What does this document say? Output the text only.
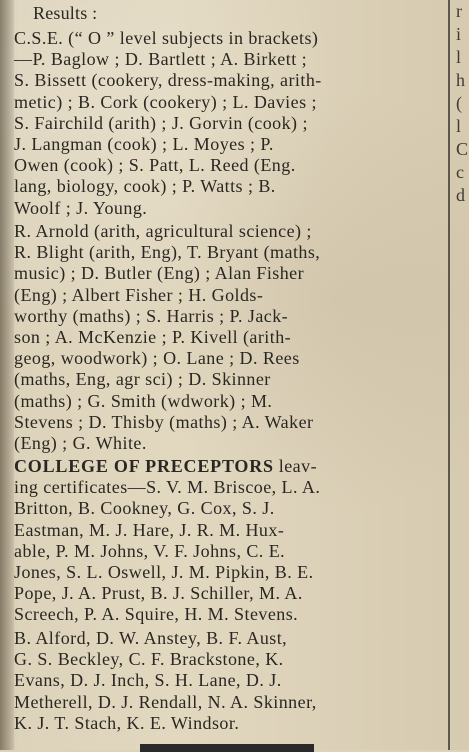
Results :

C.S.E. (“ O ” level subjects in brackets)
—P. Baglow ; D. Bartlett ; A. Birkett ;
S. Bissett (cookery, dress-making, arith-
metic) ; B. Cork (cookery) ; L. Davies ;
S. Fairchild (arith) ; J. Gorvin (cook) ;
J. Langman (cook) ; L. Moyes ; P.
Owen (cook) ; S. Patt, L. Reed (Eng.
lang, biology, cook) ; P. Watts ; B.
Woolf ; J. Young.

R. Arnold (arith, agricultural science) ;
R. Blight (arith, Eng), T. Bryant (maths,
music) ; D. Butler (Eng) ; Alan Fisher
(Eng) ; Albert Fisher ; H. Golds-
worthy (maths) ; S. Harris ; P. Jack-
son ; A. McKenzie ; P. Kivell (arith-
geog, woodwork) ; O. Lane ; D. Rees
(maths, Eng, agr sci) ; D. Skinner
(maths) ; G. Smith (wdwork) ; M.
Stevens ; D. Thisby (maths) ; A. Waker
(Eng) ; G. White.

COLLEGE OF PRECEPTORS leav-
ing certificates—S. V. M. Briscoe, L. A.
Britton, B. Cookney, G. Cox, S. J.
Eastman, M. J. Hare, J. R. M. Hux-
able, P. M. Johns, V. F. Johns, C. E.
Jones, S. L. Oswell, J. M. Pipkin, B. E.
Pope, J. A. Prust, B. J. Schiller, M. A.
Screech, P. A. Squire, H. M. Stevens.

B. Alford, D. W. Anstey, B. F. Aust,
G. S. Beckley, C. F. Brackstone, K.
Evans, D. J. Inch, S. H. Lane, D. J.
Metherell, D. J. Rendall, N. A. Skinner,
K. J. T. Stach, K. E. Windsor.

r
i
l
h
(
l
C
c
d
